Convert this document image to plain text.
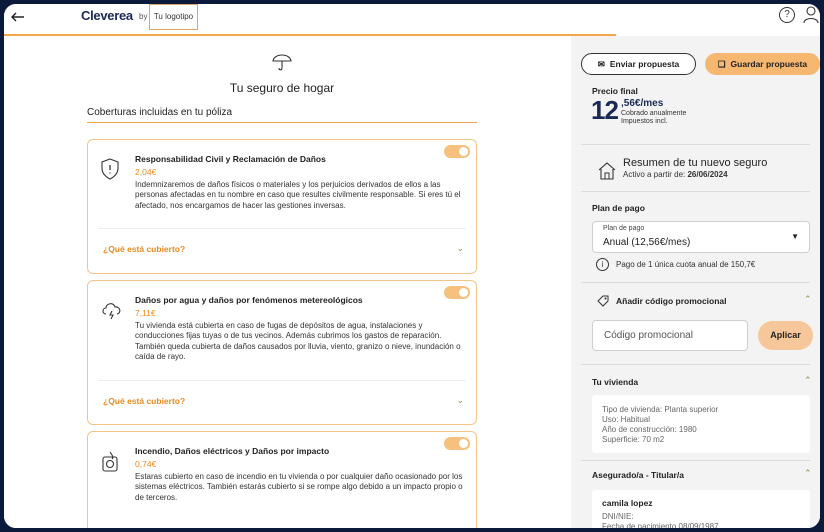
Cleverea by Tu logotipo	?
Tu seguro de hogar
Coberturas incluidas en tu póliza
Responsabilidad Civil y Reclamación de Daños
2,04€
Indemnizaremos de daños físicos o materiales y los perjuicios derivados de ellos a las personas afectadas en tu nombre en caso que resultes civilmente responsable. Si eres tú el afectado, nos encargamos de hacer las gestiones inversas.
¿Qué está cubierto?	⌄
Daños por agua y daños por fenómenos metereológicos
7,11€
Tu vivienda está cubierta en caso de fugas de depósitos de agua, instalaciones y conducciones fijas tuyas o de tus vecinos. Además cubrimos los gastos de reparación. También queda cubierta de daños causados por lluvia, viento, granizo o nieve, inundación o caída de rayo.
¿Qué está cubierto?	⌄
Incendio, Daños eléctricos y Daños por impacto
0,74€
Estaras cubierto en caso de incendio en tu vivienda o por cualquier daño ocasionado por los sistemas eléctricos. También estarás cubierto si se rompe algo debido a un impacto propio o de terceros.
✉ Enviar propuesta	❏ Guardar propuesta
Precio final
12 ,56€/mes
Cobrado anualmente
Impuestos incl.
Resumen de tu nuevo seguro
Activo a partir de: 26/06/2024
Plan de pago
Plan de pago
Anual (12,56€/mes)
▼
i	Pago de 1 única cuota anual de 150,7€
Añadir código promocional	⌃
Código promocional	Aplicar
Tu vivienda	⌃
Tipo de vivienda: Planta superior
Uso: Habitual
Año de construcción: 1980
Superficie: 70 m2
Asegurado/a - Titular/a	⌃
camila lopez
DNI/NIE:
Fecha de nacimiento 08/09/1987
